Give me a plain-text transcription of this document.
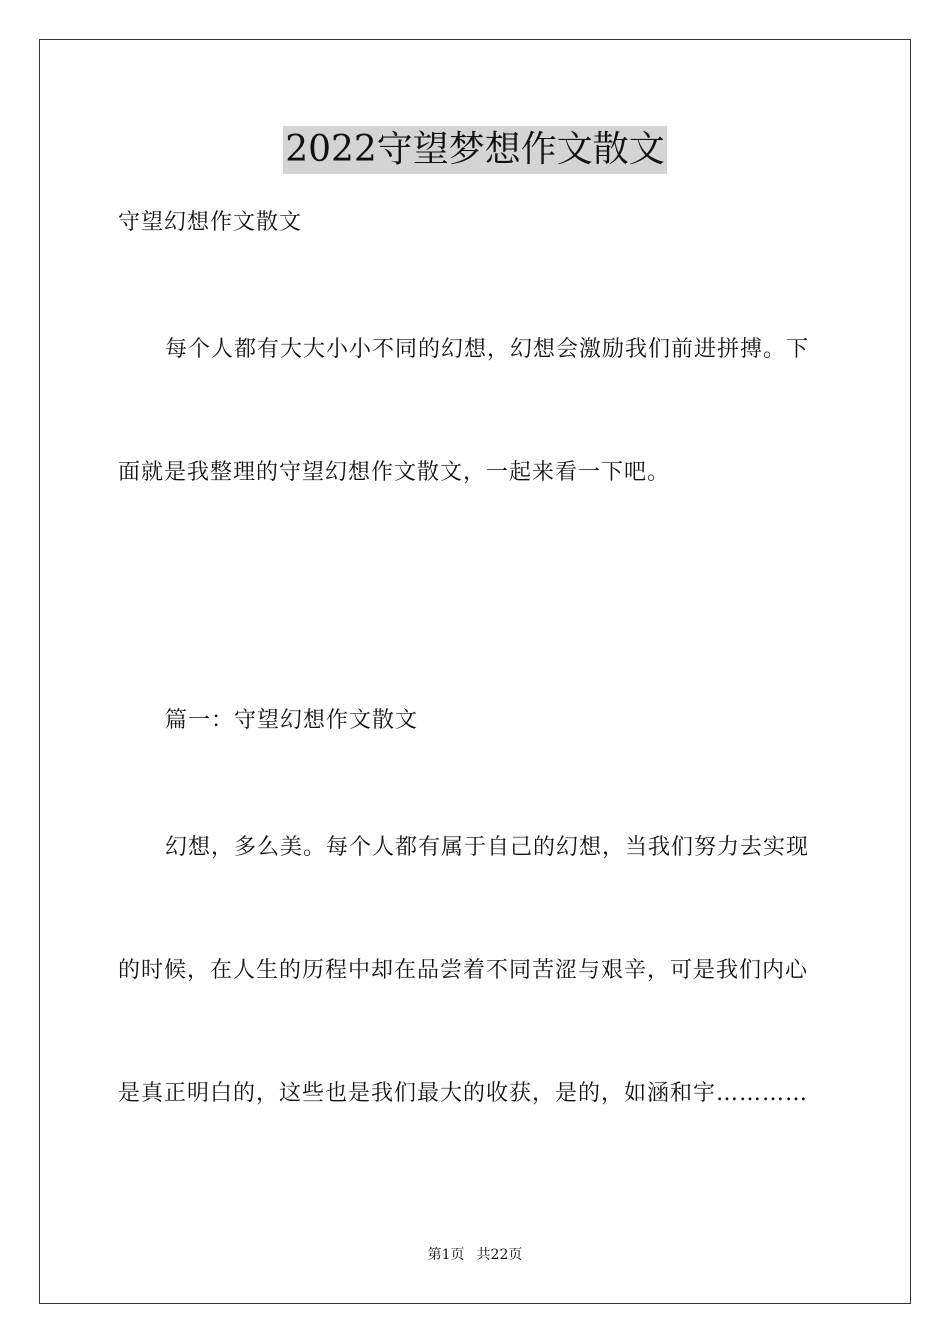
2022守望梦想作文散文

守望幻想作文散文

每个人都有大大小小不同的幻想，幻想会激励我们前进拼搏。下

面就是我整理的守望幻想作文散文，一起来看一下吧。

篇一：守望幻想作文散文

幻想，多么美。每个人都有属于自己的幻想，当我们努力去实现

的时候，在人生的历程中却在品尝着不同苦涩与艰辛，可是我们内心

是真正明白的，这些也是我们最大的收获，是的，如涵和宇…………

第1页 共22页
